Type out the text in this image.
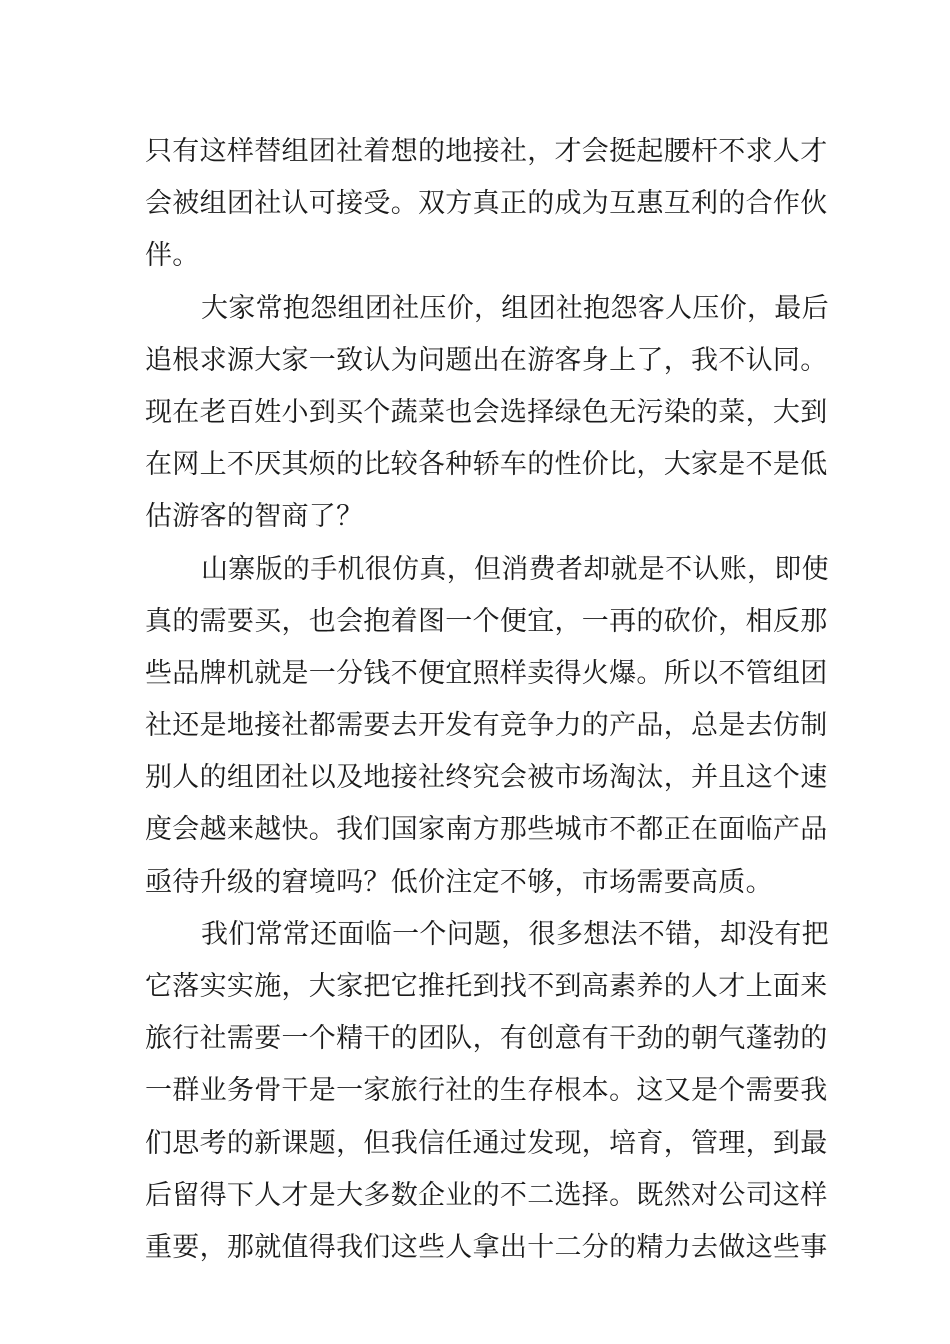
只有这样替组团社着想的地接社，才会挺起腰杆不求人才
会被组团社认可接受。双方真正的成为互惠互利的合作伙
伴。
大家常抱怨组团社压价，组团社抱怨客人压价，最后
追根求源大家一致认为问题出在游客身上了，我不认同。
现在老百姓小到买个蔬菜也会选择绿色无污染的菜，大到
在网上不厌其烦的比较各种轿车的性价比，大家是不是低
估游客的智商了？
山寨版的手机很仿真，但消费者却就是不认账，即使
真的需要买，也会抱着图一个便宜，一再的砍价，相反那
些品牌机就是一分钱不便宜照样卖得火爆。所以不管组团
社还是地接社都需要去开发有竞争力的产品，总是去仿制
别人的组团社以及地接社终究会被市场淘汰，并且这个速
度会越来越快。我们国家南方那些城市不都正在面临产品
亟待升级的窘境吗？低价注定不够，市场需要高质。
我们常常还面临一个问题，很多想法不错，却没有把
它落实实施，大家把它推托到找不到高素养的人才上面来
旅行社需要一个精干的团队，有创意有干劲的朝气蓬勃的
一群业务骨干是一家旅行社的生存根本。这又是个需要我
们思考的新课题，但我信任通过发现，培育，管理，到最
后留得下人才是大多数企业的不二选择。既然对公司这样
重要，那就值得我们这些人拿出十二分的精力去做这些事
